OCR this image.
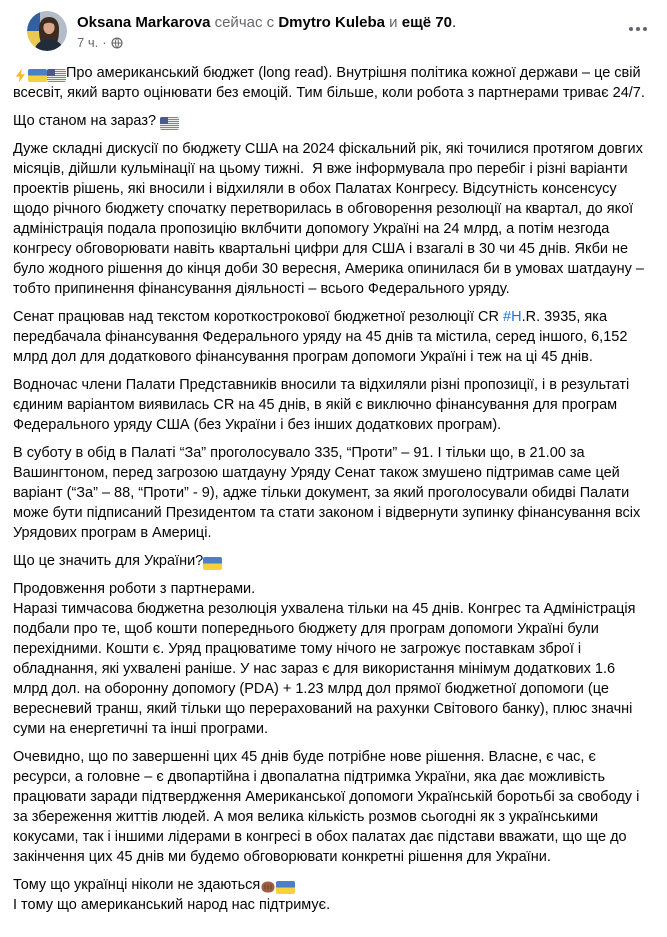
Oksana Markarova сейчас с Dmytro Kuleba и ещё 70.
7 ч. ·

Про американський бюджет (long read). Внутрішня політика кожної держави – це свій всесвіт, який варто оцінювати без емоцій. Тим більше, коли робота з партнерами триває 24/7.

Що станом на зараз?

Дуже складні дискусії по бюджету США на 2024 фіскальний рік, які точилися протягом довгих місяців, дійшли кульмінації на цьому тижні.  Я вже інформувала про перебіг і різні варіанти проектів рішень, які вносили і відхиляли в обох Палатах Конгресу. Відсутність консенсусу щодо річного бюджету спочатку перетворилась в обговорення резолюції на квартал, до якої адміністрація подала пропозицію вклбчити допомогу Україні на 24 млрд, а потім незгода конгресу обговорювати навіть квартальні цифри для США і взагалі в 30 чи 45 днів. Якби не було жодного рішення до кінця доби 30 вересня, Америка опинилася би в умовах шатдауну – тобто припинення фінансування діяльності – всього Федерального уряду.

Сенат працював над текстом короткострокової бюджетної резолюції CR #H.R. 3935, яка передбачала фінансування Федерального уряду на 45 днів та містила, серед іншого, 6,152 млрд дол для додаткового фінансування програм допомоги Україні і теж на ці 45 днів.

Водночас члени Палати Представників вносили та відхиляли різні пропозиції, і в результаті єдиним варіантом виявилась CR на 45 днів, в якій є виключно фінансування для програм Федерального уряду США (без України і без інших додаткових програм).

В суботу в обід в Палаті “За” проголосувало 335, “Проти” – 91. І тільки що, в 21.00 за Вашингтоном, перед загрозою шатдауну Уряду Сенат також змушено підтримав саме цей варіант (“За” – 88, “Проти” - 9), адже тільки документ, за який проголосували обидві Палати може бути підписаний Президентом та стати законом і відвернути зупинку фінансування всіх Урядових програм в Америці.

Що це значить для України?

Продовження роботи з партнерами.
Наразі тимчасова бюджетна резолюція ухвалена тільки на 45 днів. Конгрес та Адміністрація подбали про те, щоб кошти попереднього бюджету для програм допомоги Україні були перехідними. Кошти є. Уряд працюватиме тому нічого не загрожує поставкам зброї і обладнання, які ухвалені раніше. У нас зараз є для використання мінімум додаткових 1.6 млрд дол. на оборонну допомогу (PDA) + 1.23 млрд дол прямої бюджетної допомоги (це вересневий транш, який тільки що перерахований на рахунки Світового банку), плюс значні суми на енергетичні та інші програми.

Очевидно, що по завершенні цих 45 днів буде потрібне нове рішення. Власне, є час, є ресурси, а головне – є двопартійна і двопалатна підтримка України, яка дає можливість працювати заради підтвердження Американської допомоги Українській боротьбі за свободу і за збереження життів людей. А моя велика кількість розмов сьогодні як з українськими кокусами, так і іншими лідерами в конгресі в обох палатах дає підстави вважати, що ще до закінчення цих 45 днів ми будемо обговорювати конкретні рішення для України.

Тому що українці ніколи не здаються
І тому що американський народ нас підтримує.
